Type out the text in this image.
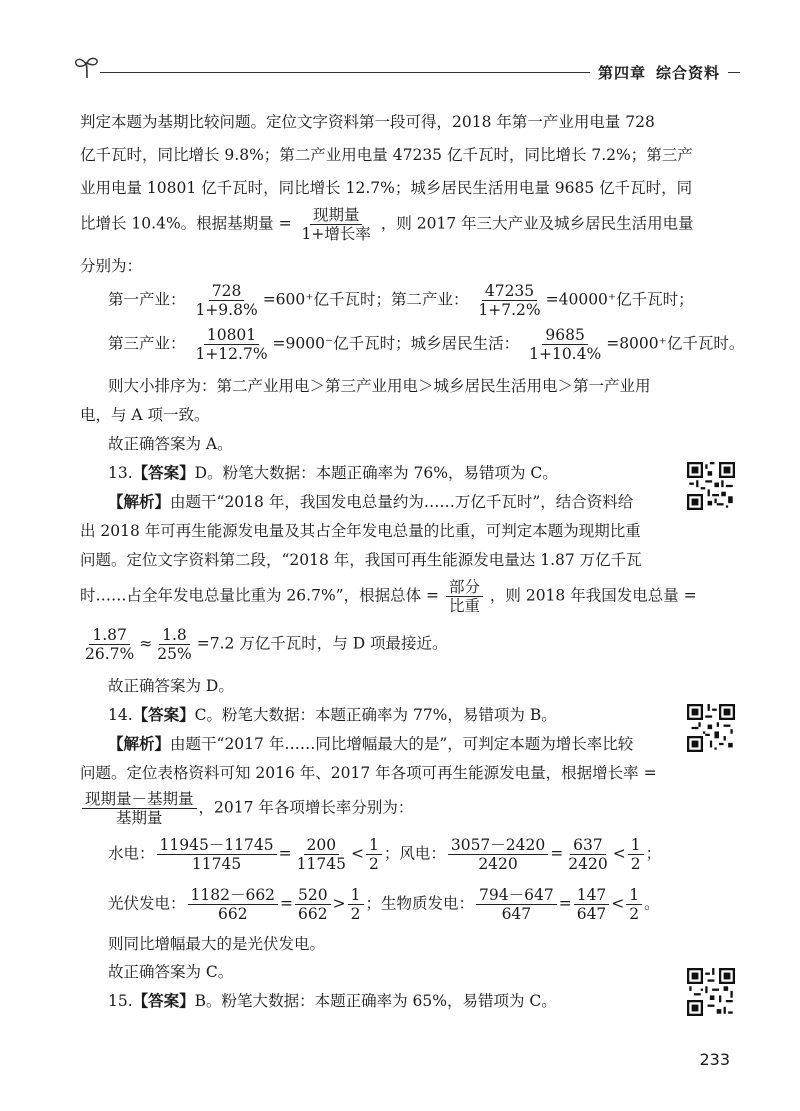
第四章 综合资料
判定本题为基期比较问题。定位文字资料第一段可得，2018 年第一产业用电量 728
亿千瓦时，同比增长 9.8%；第二产业用电量 47235 亿千瓦时，同比增长 7.2%；第三产
业用电量 10801 亿千瓦时，同比增长 12.7%；城乡居民生活用电量 9685 亿千瓦时，同
比增长 10.4%。根据基期量 = $\frac{\text{现期量}}{\text{1+增长率}}$ ，则 2017 年三大产业及城乡居民生活用电量
分别为：
第一产业： $\frac{728}{1+9.8\%} =600^+$亿千瓦时；第二产业： $\frac{47235}{1+7.2\%} =40000^+$亿千瓦时；
第三产业： $\frac{10801}{1+12.7\%} =9000^-$亿千瓦时；城乡居民生活： $\frac{9685}{1+10.4\%} =8000^+$亿千瓦时。
则大小排序为：第二产业用电＞第三产业用电＞城乡居民生活用电＞第一产业用
电，与 A 项一致。
故正确答案为 A。
13.【答案】D。粉笔大数据：本题正确率为 76%，易错项为 C。
【解析】由题干“2018 年，我国发电总量约为……万亿千瓦时”，结合资料给
出 2018 年可再生能源发电量及其占全年发电总量的比重，可判定本题为现期比重
问题。定位文字资料第二段，“2018 年，我国可再生能源发电量达 1.87 万亿千瓦
时……占全年发电总量比重为 26.7%”，根据总体 = $\frac{\text{部分}}{\text{比重}}$ ，则 2018 年我国发电总量 =
$\frac{1.87}{26.7\%} \approx \frac{1.8}{25\%} =7.2$ 万亿千瓦时，与 D 项最接近。
故正确答案为 D。
14.【答案】C。粉笔大数据：本题正确率为 77%，易错项为 B。
【解析】由题干“2017 年……同比增幅最大的是”，可判定本题为增长率比较
问题。定位表格资料可知 2016 年、2017 年各项可再生能源发电量，根据增长率 =
$\frac{\text{现期量－基期量}}{\text{基期量}}$ ，2017 年各项增长率分别为：
水电： $\frac{11945-11745}{11745} = \frac{200}{11745} < \frac{1}{2}$ ；风电： $\frac{3057-2420}{2420} = \frac{637}{2420} < \frac{1}{2}$ ；
光伏发电： $\frac{1182-662}{662} = \frac{520}{662} > \frac{1}{2}$ ；生物质发电： $\frac{794-647}{647} = \frac{147}{647} < \frac{1}{2}$ 。
则同比增幅最大的是光伏发电。
故正确答案为 C。
15.【答案】B。粉笔大数据：本题正确率为 65%，易错项为 C。
233
